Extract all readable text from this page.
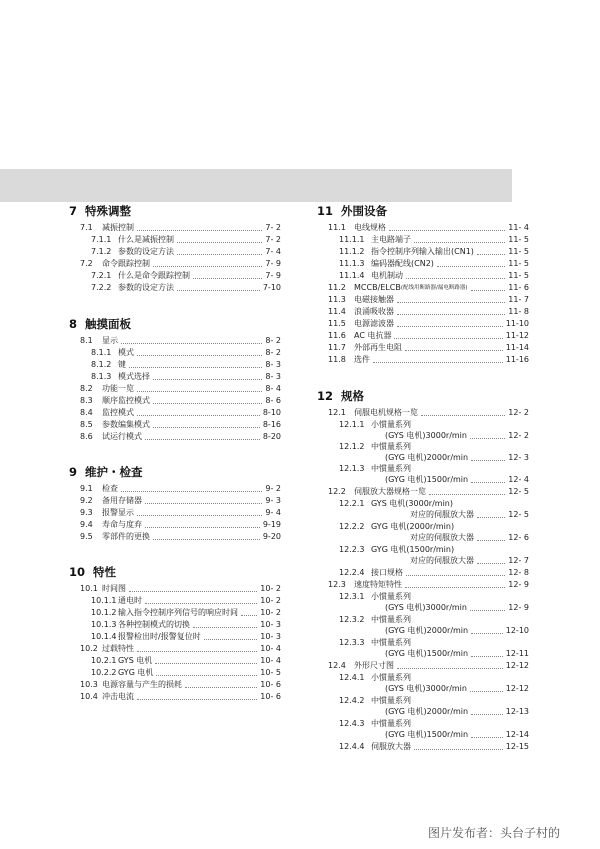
7 特殊调整
7.1	减振控制	7- 2
7.1.1 什么是减振控制	7- 2
7.1.2 参数的设定方法	7- 4
7.2	命令跟踪控制	7- 9
7.2.1 什么是命令跟踪控制	7- 9
7.2.2 参数的设定方法	7-10
8 触摸面板
8.1	显示	8- 2
8.1.1 模式	8- 2
8.1.2 键	8- 3
8.1.3 模式选择	8- 3
8.2	功能一览	8- 4
8.3	顺序监控模式	8- 6
8.4	监控模式	8-10
8.5	参数编集模式	8-16
8.6	试运行模式	8-20
9 维护・检查
9.1	检查	9- 2
9.2	备用存储器	9- 3
9.3	报警显示	9- 4
9.4	寿命与度弃	9-19
9.5	零部件的更换	9-20
10 特性
10.1 时间图	10- 2
10.1.1 通电时	10- 2
10.1.2 输入指令控制序列信号的响应时间	10- 2
10.1.3 各种控制模式的切换	10- 3
10.1.4 报警检出时/报警复位时	10- 3
10.2 过载特性	10- 4
10.2.1 GYS 电机	10- 4
10.2.2 GYG 电机	10- 5
10.3 电源容量与产生的损耗	10- 6
10.4 冲击电流	10- 6
11 外围设备
11.1	电线规格	11- 4
11.1.1 主电路端子	11- 5
11.1.2 指令控制序列输入输出(CN1)	11- 5
11.1.3 编码器配线(CN2)	11- 5
11.1.4 电机制动	11- 5
11.2	MCCB/ELCB (配线用断路器/漏电断路器)	11- 6
11.3	电磁接触器	11- 7
11.4	浪涌吸收器	11- 8
11.5	电源滤波器	11-10
11.6	AC 电抗器	11-12
11.7	外部再生电阻	11-14
11.8	选件	11-16
12 规格
12.1	伺服电机规格一览	12- 2
12.1.1 小惯量系列
(GYS 电机)3000r/min	12- 2
12.1.2 中惯量系列
(GYG 电机)2000r/min	12- 3
12.1.3 中惯量系列
(GYG 电机)1500r/min	12- 4
12.2	伺服放大器规格一览	12- 5
12.2.1 GYS 电机(3000r/min)
对应的伺服放大器	12- 5
12.2.2 GYG 电机(2000r/min)
对应的伺服放大器	12- 6
12.2.3 GYG 电机(1500r/min)
对应的伺服放大器	12- 7
12.2.4 接口规格	12- 8
12.3	速度特矩特性	12- 9
12.3.1 小惯量系列
(GYS 电机)3000r/min	12- 9
12.3.2 中惯量系列
(GYG 电机)2000r/min	12-10
12.3.3 中惯量系列
(GYG 电机)1500r/min	12-11
12.4	外形尺寸图	12-12
12.4.1 小惯量系列
(GYS 电机)3000r/min	12-12
12.4.2 中惯量系列
(GYG 电机)2000r/min	12-13
12.4.3 中惯量系列
(GYG 电机)1500r/min	12-14
12.4.4 伺服放大器	12-15
图片发布者：头台子村的
